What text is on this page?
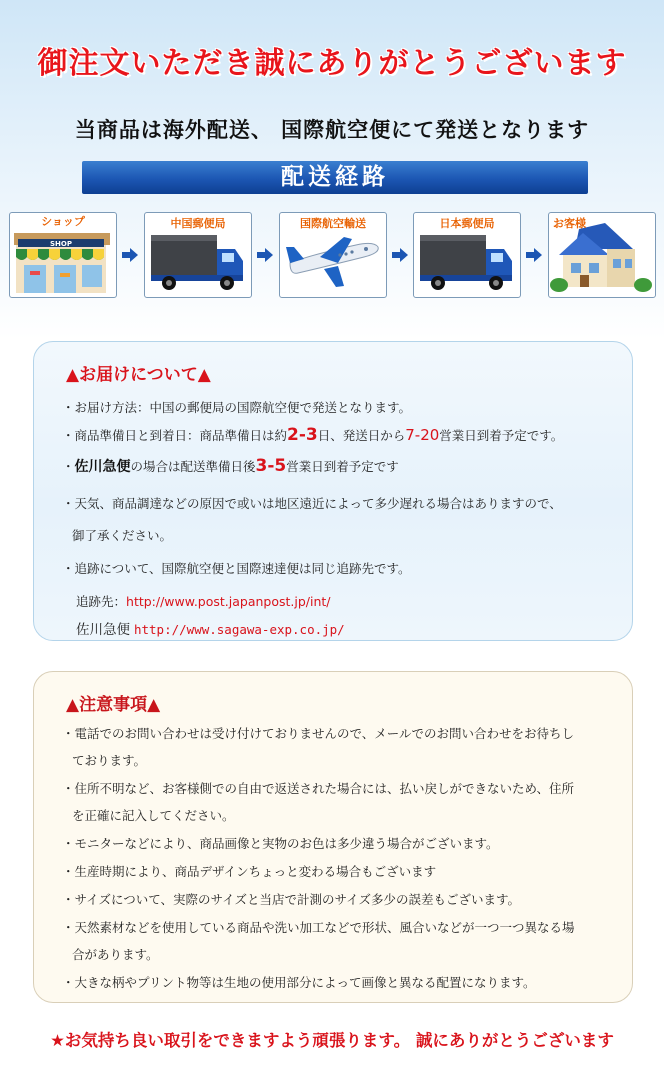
御注文いただき誠にありがとうございます
当商品は海外配送、 国際航空便にて発送となります
配送経路
SHOP
ショップ	中国郵便局	国際航空輸送	日本郵便局	お客様
▲お届けについて▲
・お届け方法：中国の郵便局の国際航空便で発送となります。
・商品準備日と到着日：商品準備日は約2-3日、発送日から7-20営業日到着予定です。
・佐川急便の場合は配送準備日後3-5営業日到着予定です
・天気、商品調達などの原因で或いは地区遠近によって多少遅れる場合はありますので、
御了承ください。
・追跡について、国際航空便と国際速達便は同じ追跡先です。
追跡先：http://www.post.japanpost.jp/int/
佐川急便 http://www.sagawa-exp.co.jp/
▲注意事項▲
・電話でのお問い合わせは受け付けておりませんので、メールでのお問い合わせをお待ちし
ております。
・住所不明など、お客様側での自由で返送された場合には、払い戻しができないため、住所
を正確に記入してください。
・モニターなどにより、商品画像と実物のお色は多少違う場合がございます。
・生産時期により、商品デザインちょっと変わる場合もございます
・サイズについて、実際のサイズと当店で計測のサイズ多少の誤差もございます。
・天然素材などを使用している商品や洗い加工などで形状、風合いなどが一つ一つ異なる場
合があります。
・大きな柄やプリント物等は生地の使用部分によって画像と異なる配置になります。
★お気持ち良い取引をできますよう頑張ります。 誠にありがとうございます
